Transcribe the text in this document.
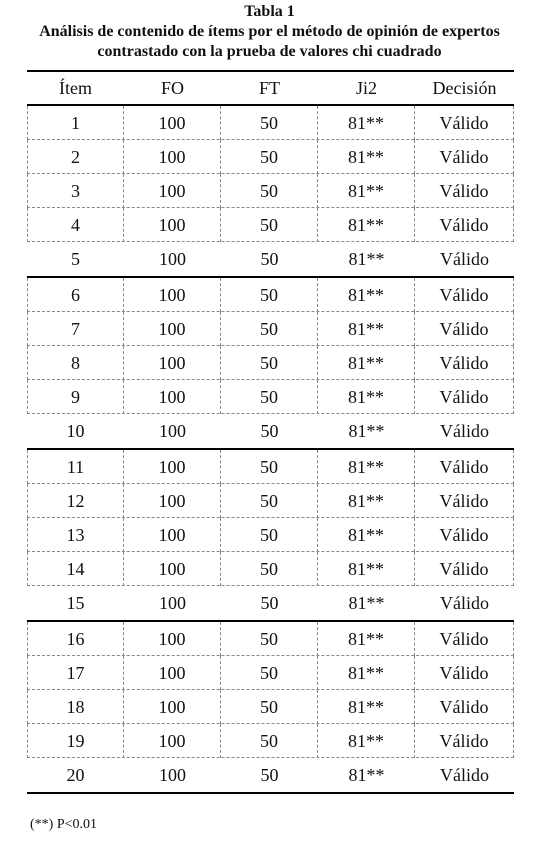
Tabla 1
Análisis de contenido de ítems por el método de opinión de expertos
contrastado con la prueba de valores chi cuadrado
Ítem	FO	FT	Ji2	Decisión
1	100	50	81**	Válido
2	100	50	81**	Válido
3	100	50	81**	Válido
4	100	50	81**	Válido
5	100	50	81**	Válido
6	100	50	81**	Válido
7	100	50	81**	Válido
8	100	50	81**	Válido
9	100	50	81**	Válido
10	100	50	81**	Válido
11	100	50	81**	Válido
12	100	50	81**	Válido
13	100	50	81**	Válido
14	100	50	81**	Válido
15	100	50	81**	Válido
16	100	50	81**	Válido
17	100	50	81**	Válido
18	100	50	81**	Válido
19	100	50	81**	Válido
20	100	50	81**	Válido
(**) P<0.01
